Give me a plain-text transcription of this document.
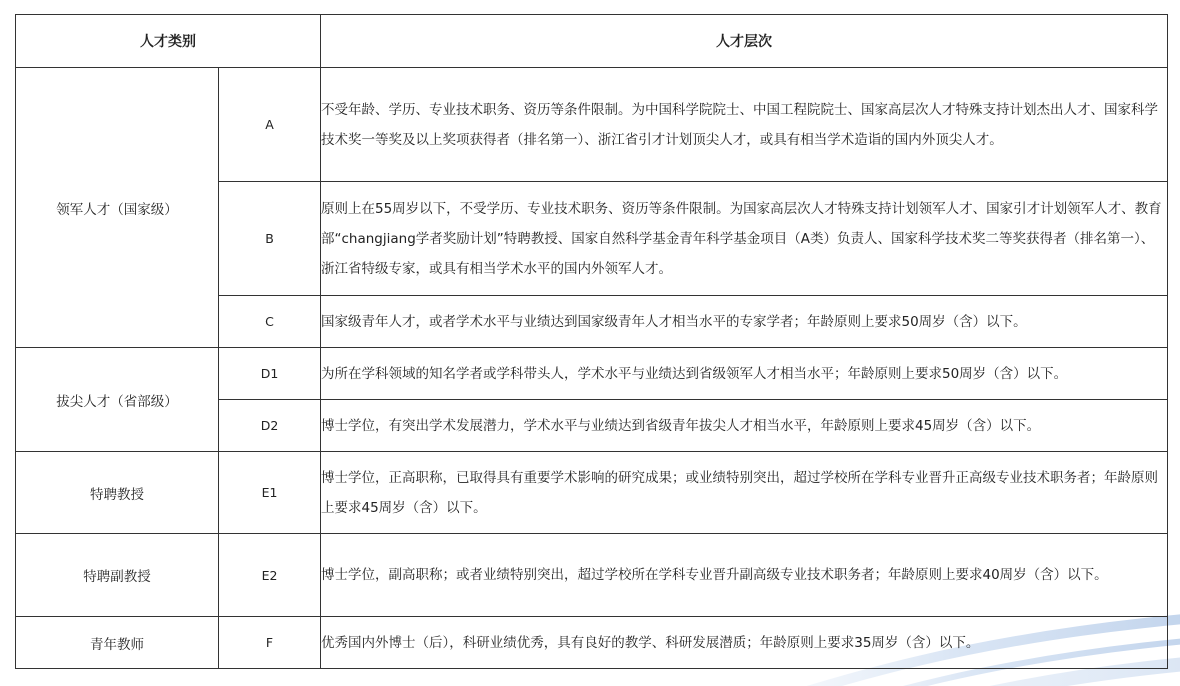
人才类别		人才层次
领军人才（国家级）	A	不受年龄、学历、专业技术职务、资历等条件限制。为中国科学院院士、中国工程院院士、国家高层次人才特殊支持计划杰出人才、国家科学技术奖一等奖及以上奖项获得者（排名第一）、浙江省引才计划顶尖人才，或具有相当学术造诣的国内外顶尖人才。
	B	原则上在55周岁以下，不受学历、专业技术职务、资历等条件限制。为国家高层次人才特殊支持计划领军人才、国家引才计划领军人才、教育部“changjiang学者奖励计划”特聘教授、国家自然科学基金青年科学基金项目（A类）负责人、国家科学技术奖二等奖获得者（排名第一）、浙江省特级专家，或具有相当学术水平的国内外领军人才。
	C	国家级青年人才，或者学术水平与业绩达到国家级青年人才相当水平的专家学者；年龄原则上要求50周岁（含）以下。
拔尖人才（省部级）	D1	为所在学科领域的知名学者或学科带头人，学术水平与业绩达到省级领军人才相当水平；年龄原则上要求50周岁（含）以下。
	D2	博士学位，有突出学术发展潜力，学术水平与业绩达到省级青年拔尖人才相当水平，年龄原则上要求45周岁（含）以下。
特聘教授	E1	博士学位，正高职称，已取得具有重要学术影响的研究成果；或业绩特别突出，超过学校所在学科专业晋升正高级专业技术职务者；年龄原则上要求45周岁（含）以下。
特聘副教授	E2	博士学位，副高职称；或者业绩特别突出，超过学校所在学科专业晋升副高级专业技术职务者；年龄原则上要求40周岁（含）以下。
青年教师	F	优秀国内外博士（后），科研业绩优秀，具有良好的教学、科研发展潜质；年龄原则上要求35周岁（含）以下。
